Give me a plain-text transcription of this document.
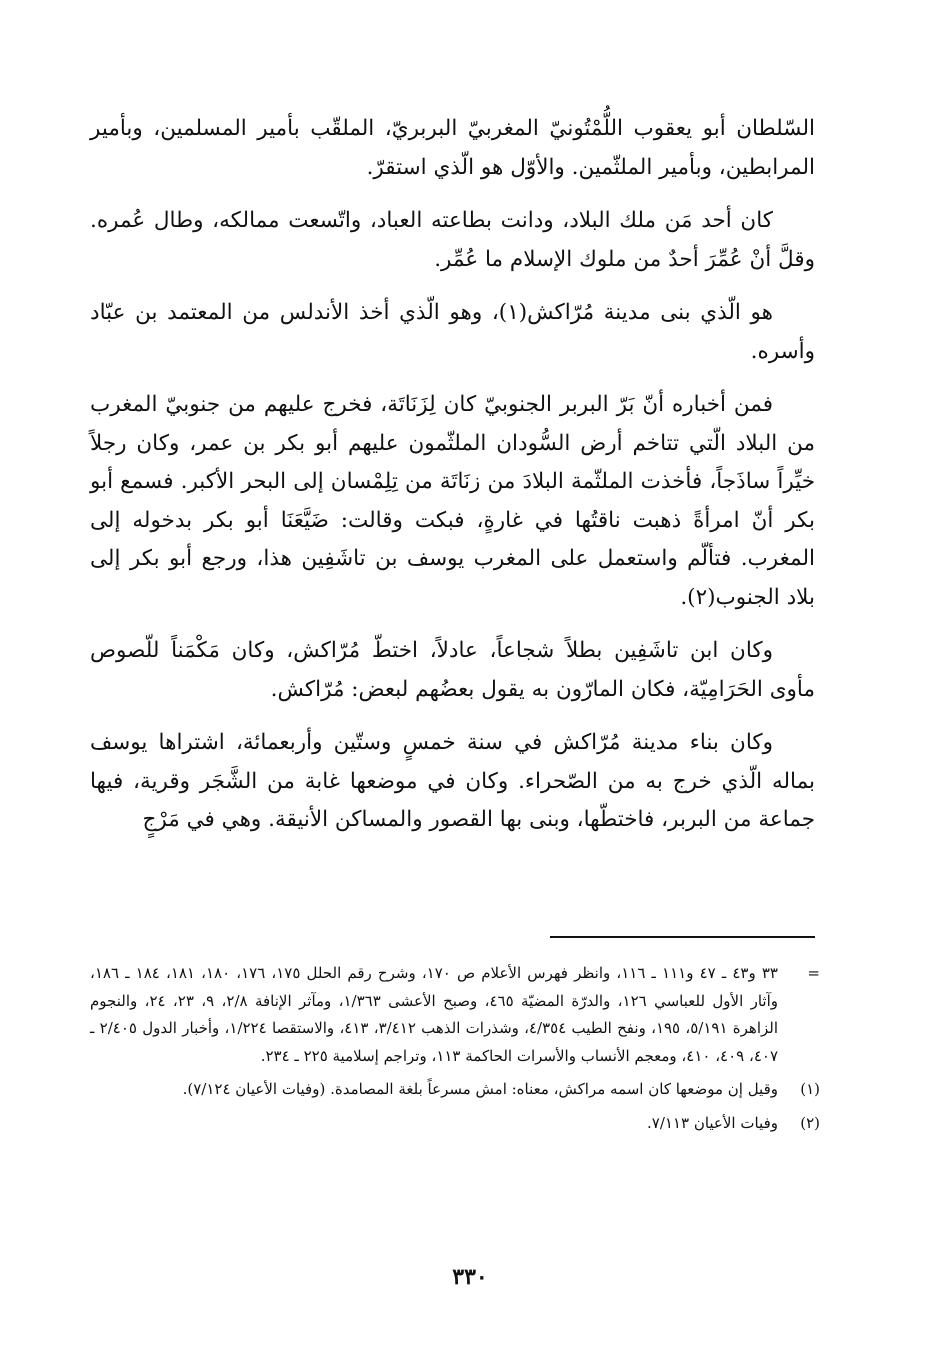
السّلطان أبو يعقوب اللُّمْتُونيّ المغربيّ البربريّ، الملقّب بأمير المسلمين، وبأمير المرابطين، وبأمير الملثّمين. والأوّل هو الّذي استقرّ.

كان أحد مَن ملك البلاد، ودانت بطاعته العباد، واتّسعت ممالكه، وطال عُمره. وقلَّ أنْ عُمِّرَ أحدٌ من ملوك الإسلام ما عُمِّر.

هو الّذي بنى مدينة مُرّاكش(١)، وهو الّذي أخذ الأندلس من المعتمد بن عبّاد وأسره.

فمن أخباره أنّ بَرّ البربر الجنوبيّ كان لِزَنَاتَة، فخرج عليهم من جنوبيّ المغرب من البلاد الّتي تتاخم أرض السُّودان الملثّمون عليهم أبو بكر بن عمر، وكان رجلاً خيِّراً ساذَجاً، فأخذت الملثّمة البلادَ من زنَاتَة من تِلِمْسان إلى البحر الأكبر. فسمع أبو بكر أنّ امرأةً ذهبت ناقتُها في غارةٍ، فبكت وقالت: ضَيَّعَنَا أبو بكر بدخوله إلى المغرب. فتألّم واستعمل على المغرب يوسف بن تاشَفِين هذا، ورجع أبو بكر إلى بلاد الجنوب(٢).

وكان ابن تاشَفِين بطلاً شجاعاً، عادلاً، اختطّ مُرّاكش، وكان مَكْمَناً للّصوص مأوى الحَرَامِيّة، فكان المارّون به يقول بعضُهم لبعض: مُرّاكش.

وكان بناء مدينة مُرّاكش في سنة خمسٍ وستّين وأربعمائة، اشتراها يوسف بماله الّذي خرج به من الصّحراء. وكان في موضعها غابة من الشَّجَر وقرية، فيها جماعة من البربر، فاختطّها، وبنى بها القصور والمساكن الأنيقة. وهي في مَرْجٍ

=
٣٣ و٤٣ ـ ٤٧ و١١١ ـ ١١٦، وانظر فهرس الأعلام ص ١٧٠، وشرح رقم الحلل ١٧٥، ١٧٦، ١٨٠، ١٨١، ١٨٤ ـ ١٨٦، وآثار الأول للعباسي ١٢٦، والدرّة المضيّة ٤٦٥، وصبح الأعشى ١/٣٦٣، ومآثر الإنافة ٢/٨، ٩، ٢٣، ٢٤، والنجوم الزاهرة ٥/١٩١، ١٩٥، ونفح الطيب ٤/٣٥٤، وشذرات الذهب ٣/٤١٢، ٤١٣، والاستقصا ١/٢٢٤، وأخبار الدول ٢/٤٠٥ ـ ٤٠٧، ٤٠٩، ٤١٠، ومعجم الأنساب والأسرات الحاكمة ١١٣، وتراجم إسلامية ٢٢٥ ـ ٢٣٤.
(١)
وقيل إن موضعها كان اسمه مراكش، معناه: امش مسرعاً بلغة المصامدة. (وفيات الأعيان ٧/١٢٤).
(٢)
وفيات الأعيان ٧/١١٣.
٣٣٠
